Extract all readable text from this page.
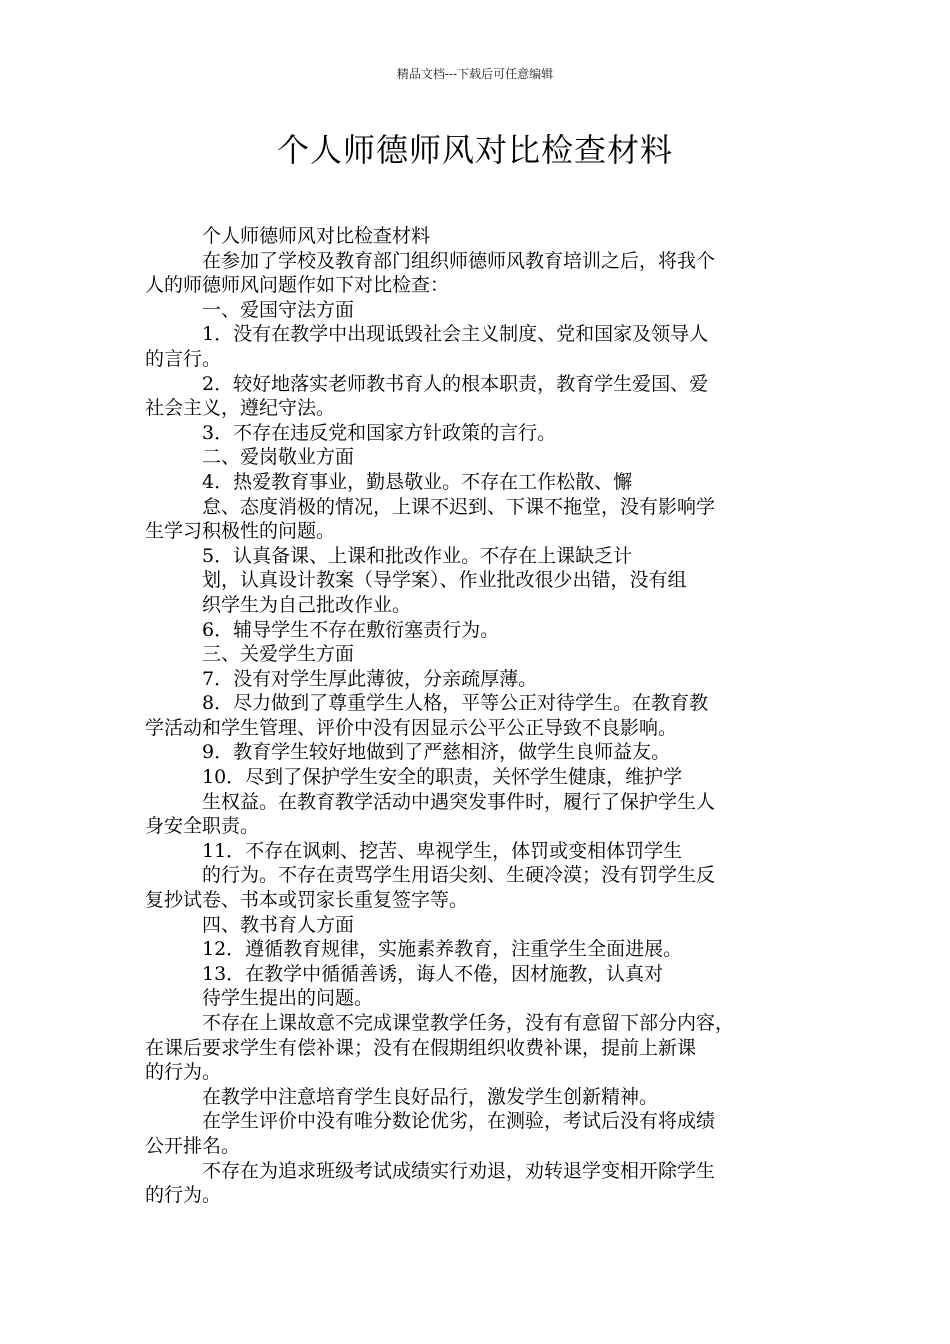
精品文档---下载后可任意编辑
个人师德师风对比检查材料
个人师德师风对比检查材料
在参加了学校及教育部门组织师德师风教育培训之后，将我个
人的师德师风问题作如下对比检查：
一、爱国守法方面
1．没有在教学中出现诋毁社会主义制度、党和国家及领导人
的言行。
2．较好地落实老师教书育人的根本职责，教育学生爱国、爱
社会主义，遵纪守法。
3．不存在违反党和国家方针政策的言行。
二、爱岗敬业方面
4．热爱教育事业，勤恳敬业。不存在工作松散、懈
怠、态度消极的情况，上课不迟到、下课不拖堂，没有影响学
生学习积极性的问题。
5．认真备课、上课和批改作业。不存在上课缺乏计
划，认真设计教案（导学案）、作业批改很少出错，没有组
织学生为自己批改作业。
6．辅导学生不存在敷衍塞责行为。
三、关爱学生方面
7．没有对学生厚此薄彼，分亲疏厚薄。
8．尽力做到了尊重学生人格，平等公正对待学生。在教育教
学活动和学生管理、评价中没有因显示公平公正导致不良影响。
9．教育学生较好地做到了严慈相济，做学生良师益友。
10．尽到了保护学生安全的职责，关怀学生健康，维护学
生权益。在教育教学活动中遇突发事件时，履行了保护学生人
身安全职责。
11．不存在讽刺、挖苦、卑视学生，体罚或变相体罚学生
的行为。不存在责骂学生用语尖刻、生硬冷漠；没有罚学生反
复抄试卷、书本或罚家长重复签字等。
四、教书育人方面
12．遵循教育规律，实施素养教育，注重学生全面进展。
13．在教学中循循善诱，诲人不倦，因材施教，认真对
待学生提出的问题。
不存在上课故意不完成课堂教学任务，没有有意留下部分内容，
在课后要求学生有偿补课；没有在假期组织收费补课，提前上新课
的行为。
在教学中注意培育学生良好品行，激发学生创新精神。
在学生评价中没有唯分数论优劣，在测验，考试后没有将成绩
公开排名。
不存在为追求班级考试成绩实行劝退，劝转退学变相开除学生
的行为。
